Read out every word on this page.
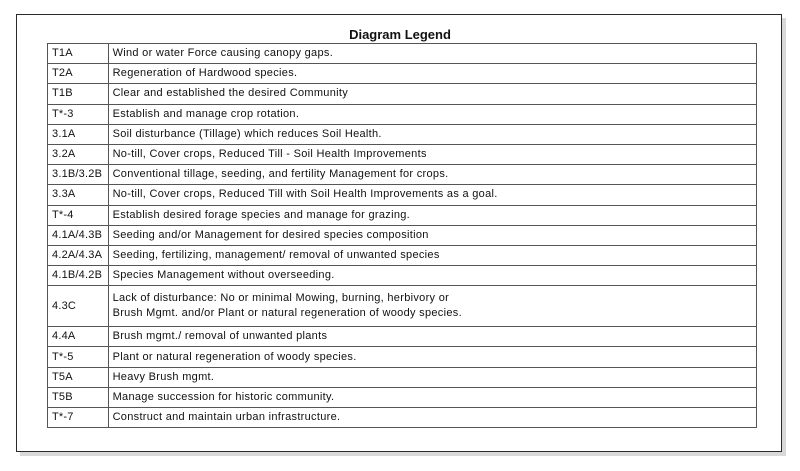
Diagram Legend
T1A	Wind or water Force causing canopy gaps.

T2A	Regeneration of Hardwood species.

T1B	Clear and established the desired Community

T*-3	Establish and manage crop rotation.

3.1A	Soil disturbance (Tillage) which reduces Soil Health.

3.2A	No-till, Cover crops, Reduced Till - Soil Health Improvements

3.1B/3.2B	Conventional tillage, seeding, and fertility Management for crops.

3.3A	No-till, Cover crops, Reduced Till with Soil Health Improvements as a goal.

T*-4	Establish desired forage species and manage for grazing.

4.1A/4.3B	Seeding and/or Management for desired species composition

4.2A/4.3A	Seeding, fertilizing, management/ removal of unwanted species

4.1B/4.2B	Species Management without overseeding.

4.3C	Lack of disturbance: No or minimal Mowing, burning, herbivory or
Brush Mgmt. and/or Plant or natural regeneration of woody species.

4.4A	Brush mgmt./ removal of unwanted plants

T*-5	Plant or natural regeneration of woody species.

T5A	Heavy Brush mgmt.

T5B	Manage succession for historic community.

T*-7	Construct and maintain urban infrastructure.
